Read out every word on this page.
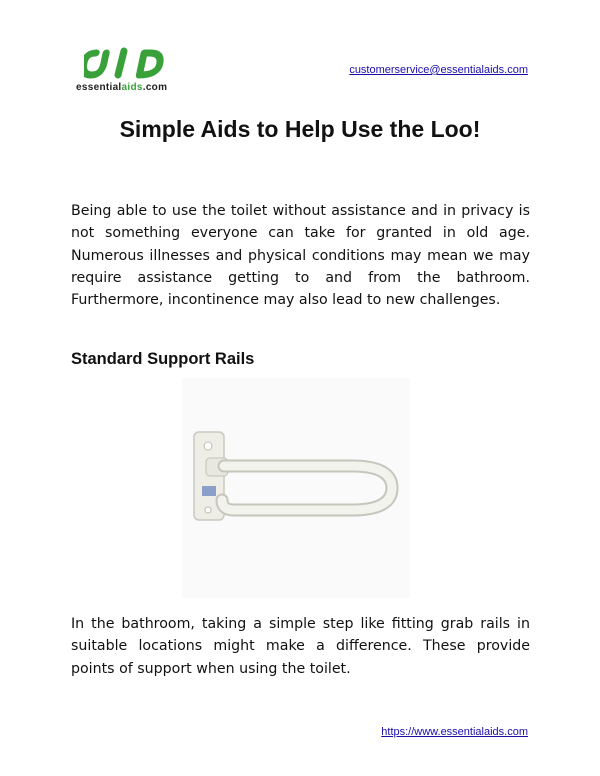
essentialaids.com
customerservice@essentialaids.com
Simple Aids to Help Use the Loo!

Being able to use the toilet without assistance and in privacy is not something everyone can take for granted in old age. Numerous illnesses and physical conditions may mean we may require assistance getting to and from the bathroom. Furthermore, incontinence may also lead to new challenges.

Standard Support Rails

In the bathroom, taking a simple step like fitting grab rails in suitable locations might make a difference. These provide points of support when using the toilet.

https://www.essentialaids.com
